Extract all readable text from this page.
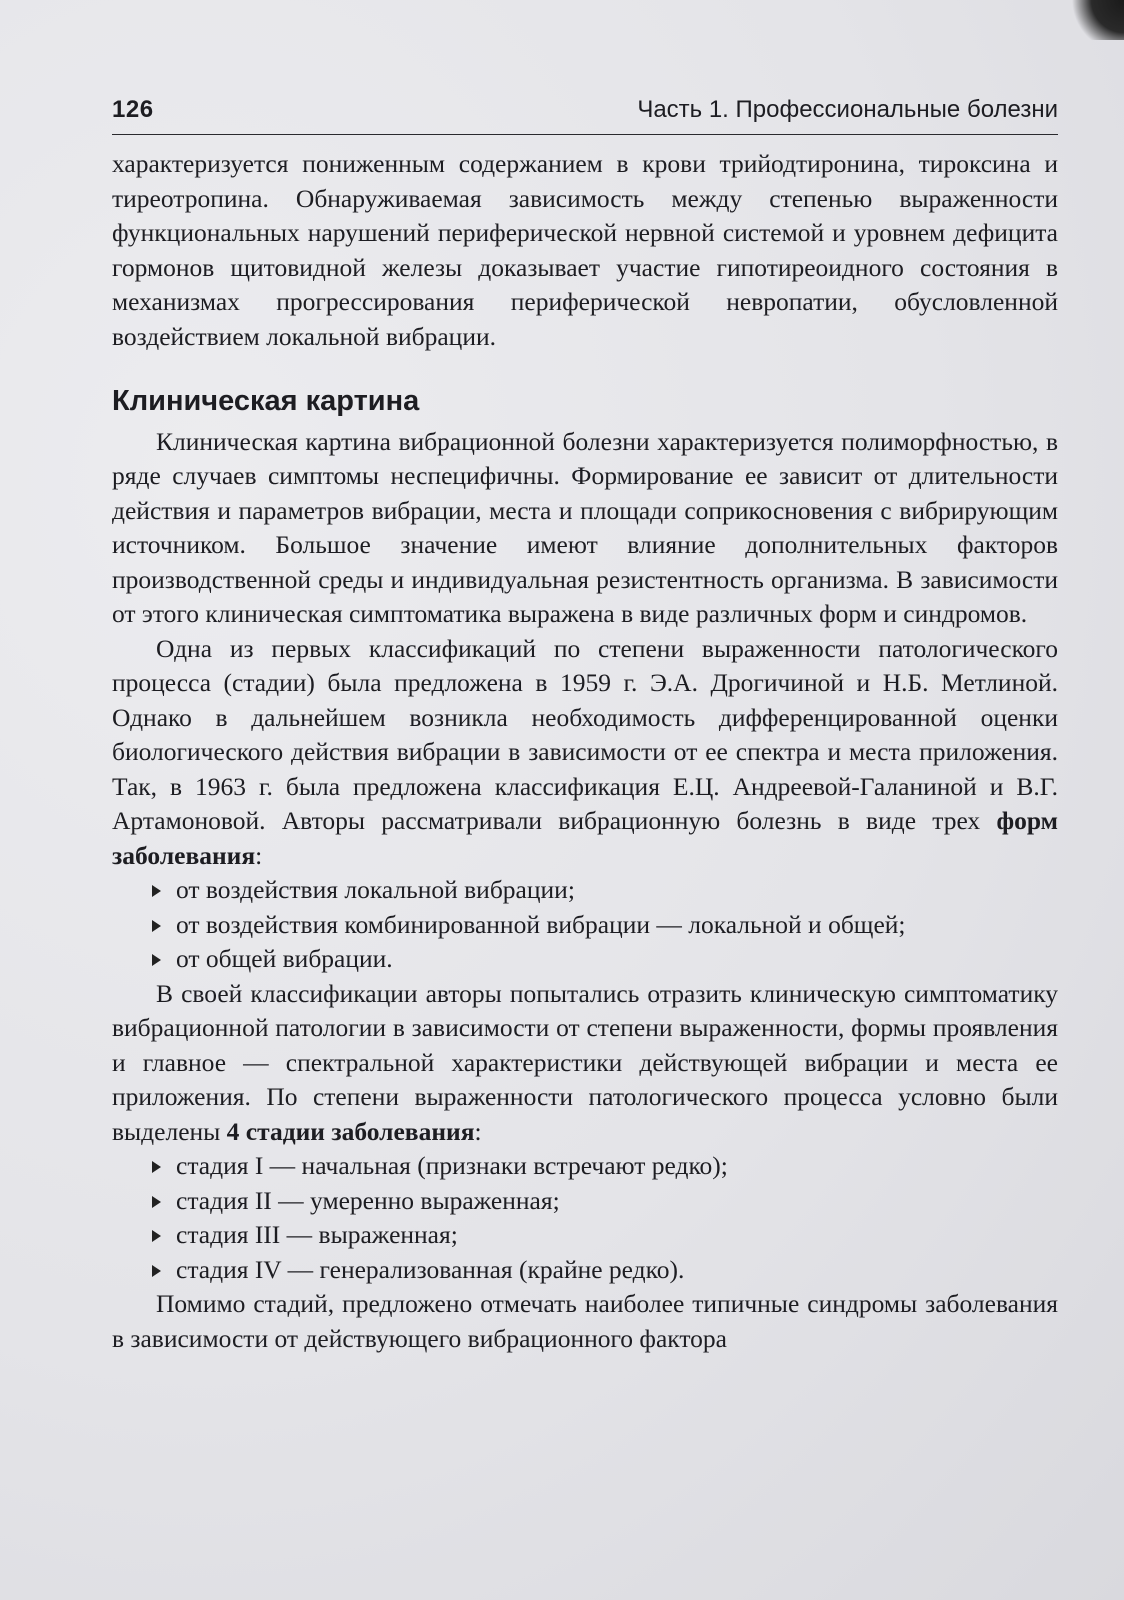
126	Часть 1. Профессиональные болезни

характеризуется пониженным содержанием в крови трийодтиронина, тироксина и тиреотропина. Обнаруживаемая зависимость между степенью выраженности функциональных нарушений периферической нервной системой и уровнем дефицита гормонов щитовидной железы доказывает участие гипотиреоидного состояния в механизмах прогрессирования периферической невропатии, обусловленной воздействием локальной вибрации.

Клиническая картина

Клиническая картина вибрационной болезни характеризуется полиморфностью, в ряде случаев симптомы неспецифичны. Формирование ее зависит от длительности действия и параметров вибрации, места и площади соприкосновения с вибрирующим источником. Большое значение имеют влияние дополнительных факторов производственной среды и индивидуальная резистентность организма. В зависимости от этого клиническая симптоматика выражена в виде различных форм и синдромов.

Одна из первых классификаций по степени выраженности патологического процесса (стадии) была предложена в 1959 г. Э.А. Дрогичиной и Н.Б. Метлиной. Однако в дальнейшем возникла необходимость дифференцированной оценки биологического действия вибрации в зависимости от ее спектра и места приложения. Так, в 1963 г. была предложена классификация Е.Ц. Андреевой-Галаниной и В.Г. Артамоновой. Авторы рассматривали вибрационную болезнь в виде трех форм заболевания:

от воздействия локальной вибрации;
от воздействия комбинированной вибрации — локальной и общей;
от общей вибрации.

В своей классификации авторы попытались отразить клиническую симптоматику вибрационной патологии в зависимости от степени выраженности, формы проявления и главное — спектральной характеристики действующей вибрации и места ее приложения. По степени выраженности патологического процесса условно были выделены 4 стадии заболевания:

стадия I — начальная (признаки встречают редко);
стадия II — умеренно выраженная;
стадия III — выраженная;
стадия IV — генерализованная (крайне редко).

Помимо стадий, предложено отмечать наиболее типичные синдромы заболевания в зависимости от действующего вибрационного фактора
